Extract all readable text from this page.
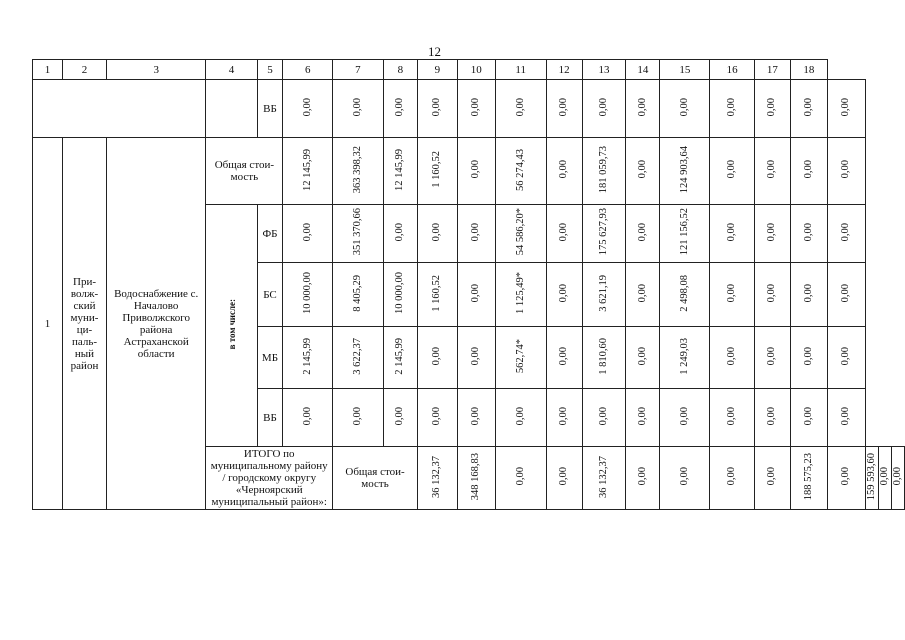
12
1	2	3	4	5	6	7	8	9	10	11	12	13	14	15	16	17	18				
				ВБ	0,00	0,00	0,00	0,00	0,00	0,00	0,00	0,00	0,00	0,00	0,00	0,00	0,00	0,00			
1	При-волж-ский муни-ци-паль-ный район	Водоснабжение с. Началово Приволжского района Астраханской области	Общая стои-мость		12 145,99	363 398,32	12 145,99	1 160,52	0,00	56 274,43	0,00	181 059,73	0,00	124 903,64	0,00	0,00	0,00	0,00			
			в том числе:	ФБ	0,00	351 370,66	0,00	0,00	0,00	54 586,20*	0,00	175 627,93	0,00	121 156,52	0,00	0,00	0,00	0,00			
				БС	10 000,00	8 405,29	10 000,00	1 160,52	0,00	1 125,49*	0,00	3 621,19	0,00	2 498,08	0,00	0,00	0,00	0,00			
				МБ	2 145,99	3 622,37	2 145,99	0,00	0,00	562,74*	0,00	1 810,60	0,00	1 249,03	0,00	0,00	0,00	0,00			
				ВБ	0,00	0,00	0,00	0,00	0,00	0,00	0,00	0,00	0,00	0,00	0,00	0,00	0,00	0,00			
			ИТОГО по муниципальному району / городскому округу «Черноярский муниципальный район»:			Общая стои-мость		36 132,37	348 168,83	0,00	0,00	36 132,37	0,00	0,00	0,00	0,00	188 575,23	0,00	159 593,60	0,00	0,00
